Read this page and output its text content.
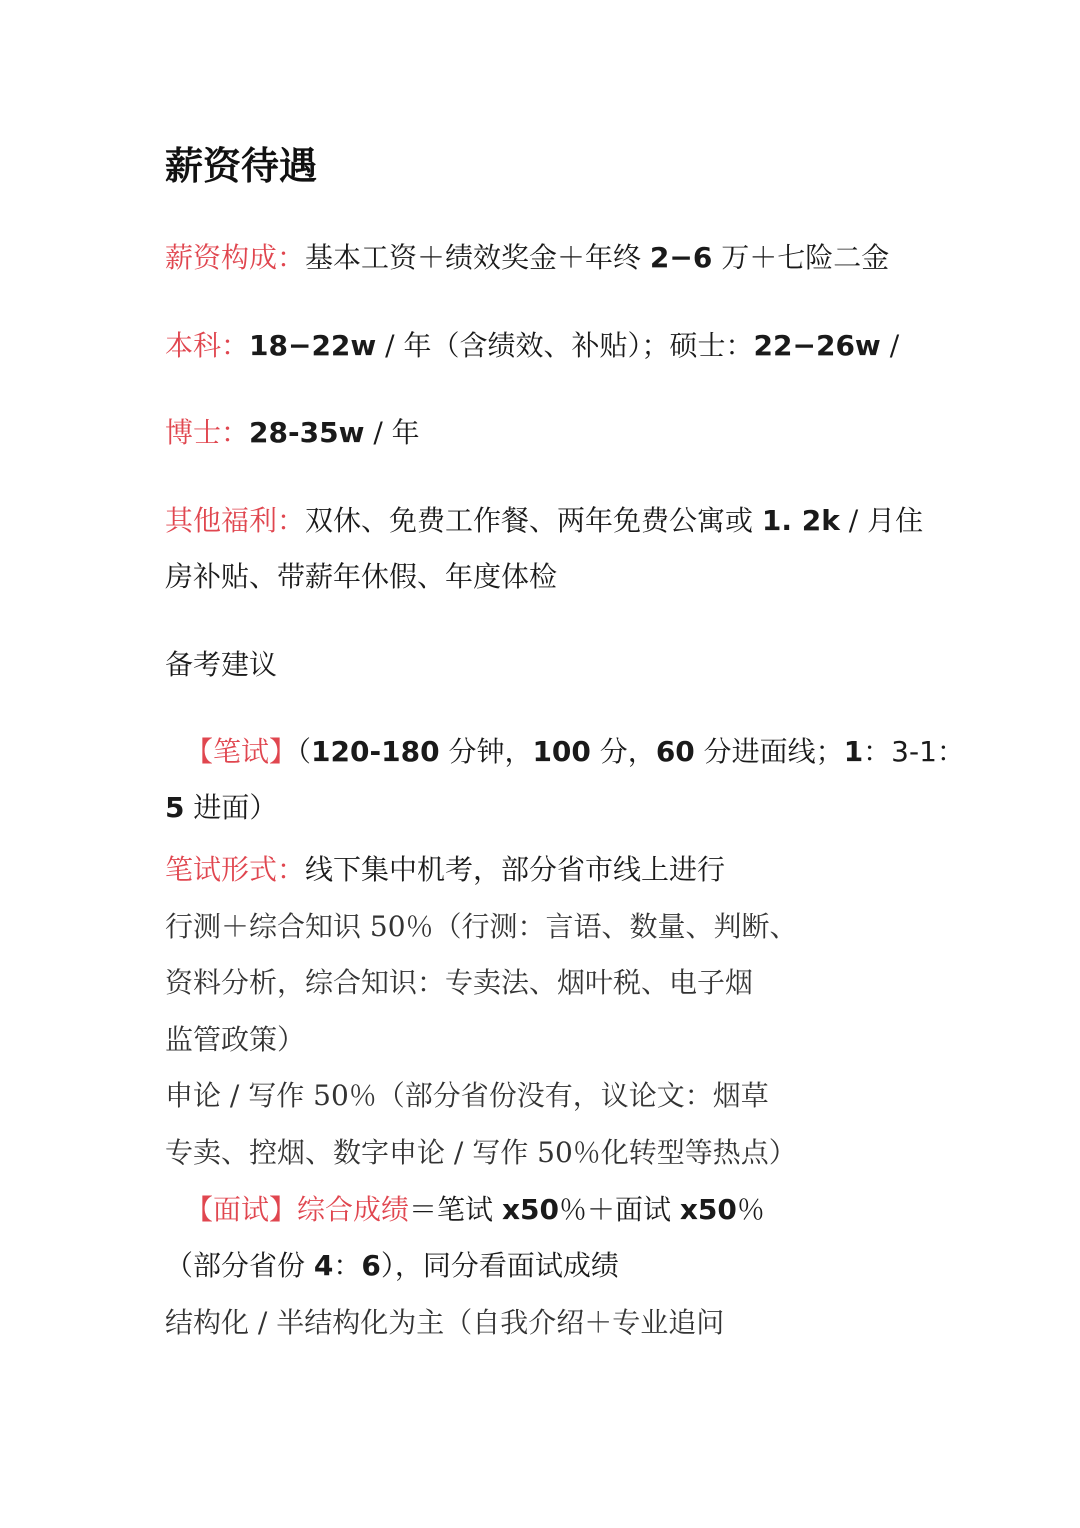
薪资待遇
薪资构成：基本工资＋绩效奖金＋年终 2−6 万＋七险二金
本科：18−22w / 年（含绩效、补贴）；硕士：22−26w /
博士：28-35w / 年
其他福利：双休、免费工作餐、两年免费公寓或 1. 2k / 月住
房补贴、带薪年休假、年度体检
备考建议
【笔试】（120-180 分钟，100 分，60 分进面线；1：3-1：
5 进面）
笔试形式：线下集中机考，部分省市线上进行
行测＋综合知识 50％（行测：言语、数量、判断、
资料分析，综合知识：专卖法、烟叶税、电子烟
监管政策）
申论 / 写作 50％（部分省份没有，议论文：烟草
专卖、控烟、数字申论 / 写作 50％化转型等热点）
【面试】综合成绩＝笔试 x50％＋面试 x50％
（部分省份 4：6），同分看面试成绩
结构化 / 半结构化为主（自我介绍＋专业追问
